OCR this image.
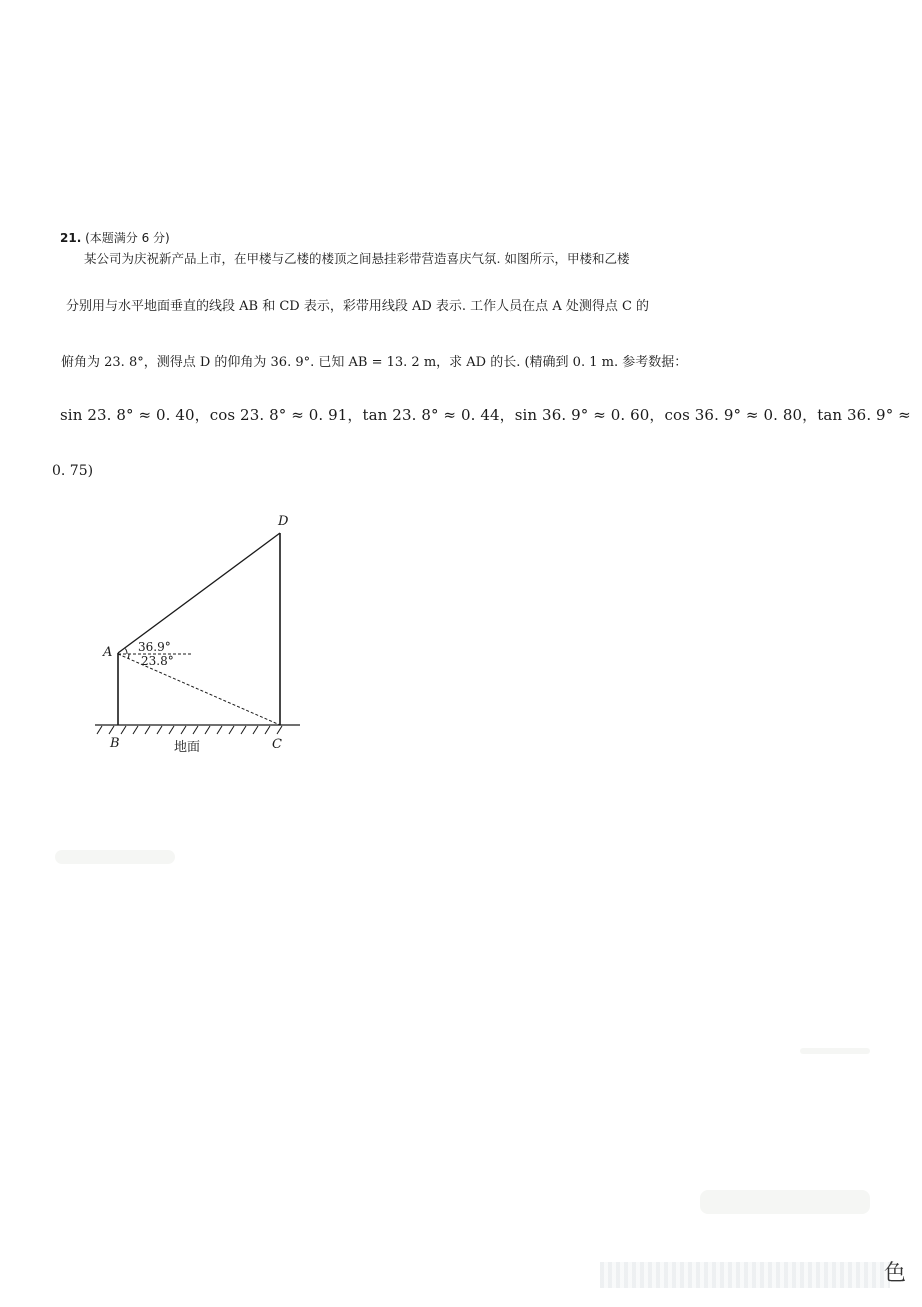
21. (本题满分 6 分)
某公司为庆祝新产品上市，在甲楼与乙楼的楼顶之间悬挂彩带营造喜庆气氛. 如图所示，甲楼和乙楼
分别用与水平地面垂直的线段 AB 和 CD 表示，彩带用线段 AD 表示. 工作人员在点 A 处测得点 C 的
俯角为 23. 8°，测得点 D 的仰角为 36. 9°. 已知 AB = 13. 2 m，求 AD 的长. (精确到 0. 1 m. 参考数据：
sin 23. 8° ≈ 0. 40，cos 23. 8° ≈ 0. 91，tan 23. 8° ≈ 0. 44，sin 36. 9° ≈ 0. 60，cos 36. 9° ≈ 0. 80，tan 36. 9° ≈
0. 75)
D
A
B	C
36.9°
23.8°
地面
色
